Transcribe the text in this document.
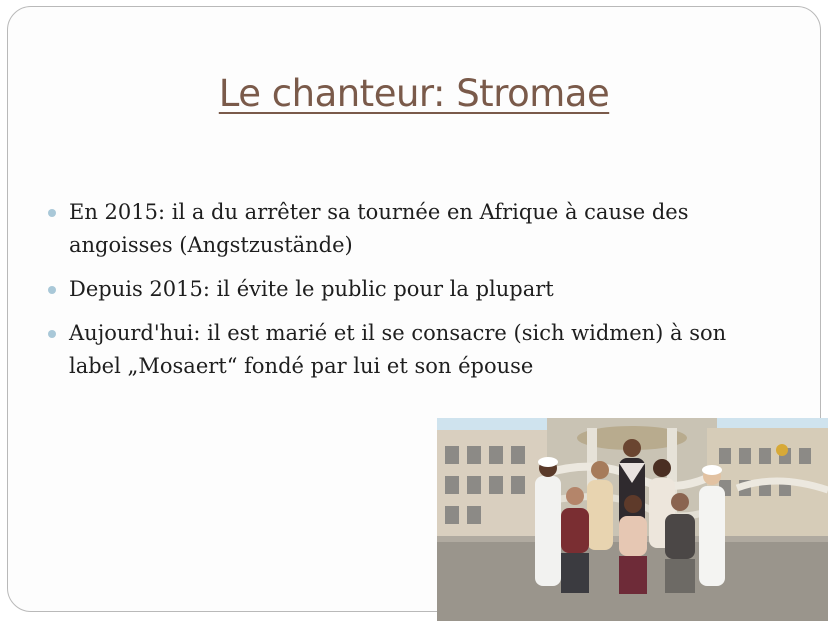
Le chanteur: Stromae
En 2015: il a du arrêter sa tournée en Afrique à cause des angoisses (Angstzustände)
Depuis 2015: il évite le public pour la plupart
Aujourd'hui: il est marié et il se consacre (sich widmen) à son label „Mosaert“ fondé par lui et son épouse
